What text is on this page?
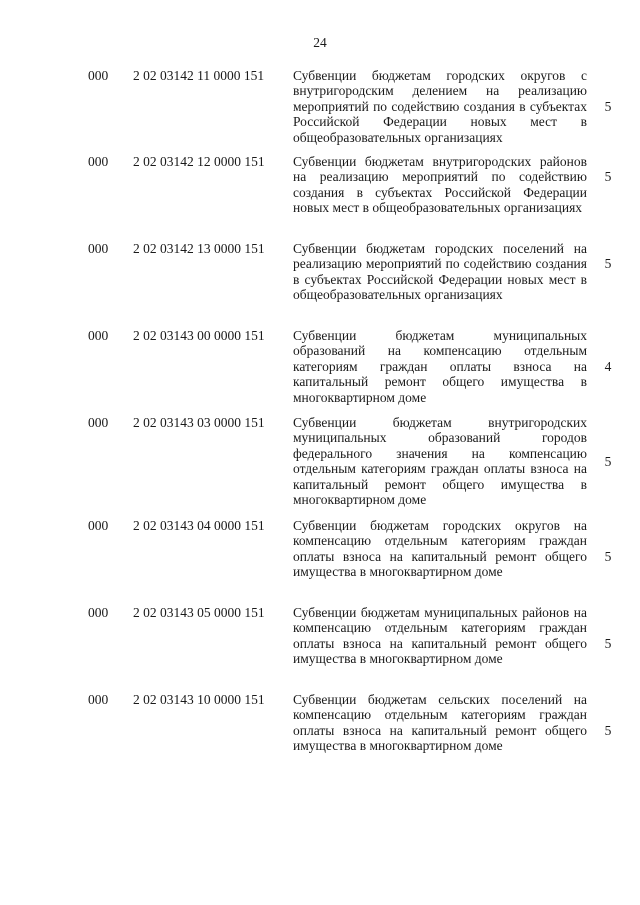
24
000 2 02 03142 11 0000 151 Субвенции бюджетам городских округов с внутригородским делением на реализацию мероприятий по содействию создания в субъектах Российской Федерации новых мест в общеобразовательных организациях
5
000 2 02 03142 12 0000 151 Субвенции бюджетам внутригородских районов на реализацию мероприятий по содействию создания в субъектах Российской Федерации новых мест в общеобразовательных организациях
5
000 2 02 03142 13 0000 151 Субвенции бюджетам городских поселений на реализацию мероприятий по содействию создания в субъектах Российской Федерации новых мест в общеобразовательных организациях
5
000 2 02 03143 00 0000 151 Субвенции бюджетам муниципальных образований на компенсацию отдельным категориям граждан оплаты взноса на капитальный ремонт общего имущества в многоквартирном доме
4
000 2 02 03143 03 0000 151 Субвенции бюджетам внутригородских муниципальных образований городов федерального значения на компенсацию отдельным категориям граждан оплаты взноса на капитальный ремонт общего имущества в многоквартирном доме
5
000 2 02 03143 04 0000 151 Субвенции бюджетам городских округов на компенсацию отдельным категориям граждан оплаты взноса на капитальный ремонт общего имущества в многоквартирном доме
5
000 2 02 03143 05 0000 151 Субвенции бюджетам муниципальных районов на компенсацию отдельным категориям граждан оплаты взноса на капитальный ремонт общего имущества в многоквартирном доме
5
000 2 02 03143 10 0000 151 Субвенции бюджетам сельских поселений на компенсацию отдельным категориям граждан оплаты взноса на капитальный ремонт общего имущества в многоквартирном доме
5
